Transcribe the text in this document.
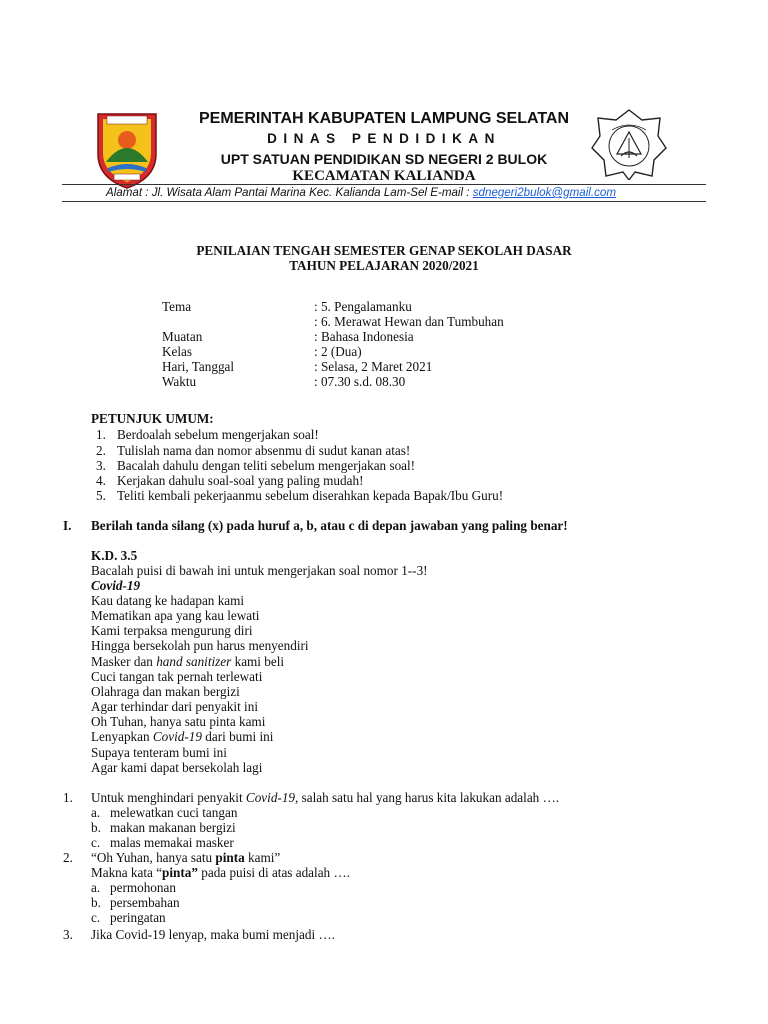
PEMERINTAH KABUPATEN LAMPUNG SELATAN
DINAS PENDIDIKAN
UPT SATUAN PENDIDIKAN SD NEGERI 2 BULOK
KECAMATAN KALIANDA
Alamat : Jl. Wisata Alam Pantai Marina Kec. Kalianda Lam-Sel E-mail : sdnegeri2bulok@gmail.com
PENILAIAN TENGAH SEMESTER GENAP SEKOLAH DASAR
TAHUN PELAJARAN 2020/2021
Tema	: 5. Pengalamanku
: 6. Merawat Hewan dan Tumbuhan
Muatan	: Bahasa Indonesia
Kelas	: 2 (Dua)
Hari, Tanggal	: Selasa, 2 Maret 2021
Waktu	: 07.30 s.d. 08.30
PETUNJUK UMUM:
1. Berdoalah sebelum mengerjakan soal!
2. Tulislah nama dan nomor absenmu di sudut kanan atas!
3. Bacalah dahulu dengan teliti sebelum mengerjakan soal!
4. Kerjakan dahulu soal-soal yang paling mudah!
5. Teliti kembali pekerjaanmu sebelum diserahkan kepada Bapak/Ibu Guru!
I. Berilah tanda silang (x) pada huruf a, b, atau c di depan jawaban yang paling benar!
K.D. 3.5
Bacalah puisi di bawah ini untuk mengerjakan soal nomor 1--3!
Covid-19
Kau datang ke hadapan kami
Mematikan apa yang kau lewati
Kami terpaksa mengurung diri
Hingga bersekolah pun harus menyendiri
Masker dan hand sanitizer kami beli
Cuci tangan tak pernah terlewati
Olahraga dan makan bergizi
Agar terhindar dari penyakit ini
Oh Tuhan, hanya satu pinta kami
Lenyapkan Covid-19 dari bumi ini
Supaya tenteram bumi ini
Agar kami dapat bersekolah lagi
1. Untuk menghindari penyakit Covid-19, salah satu hal yang harus kita lakukan adalah ….
a. melewatkan cuci tangan
b. makan makanan bergizi
c. malas memakai masker
2. “Oh Yuhan, hanya satu pinta kami”
Makna kata “pinta” pada puisi di atas adalah ….
a. permohonan
b. persembahan
c. peringatan
3. Jika Covid-19 lenyap, maka bumi menjadi ….
